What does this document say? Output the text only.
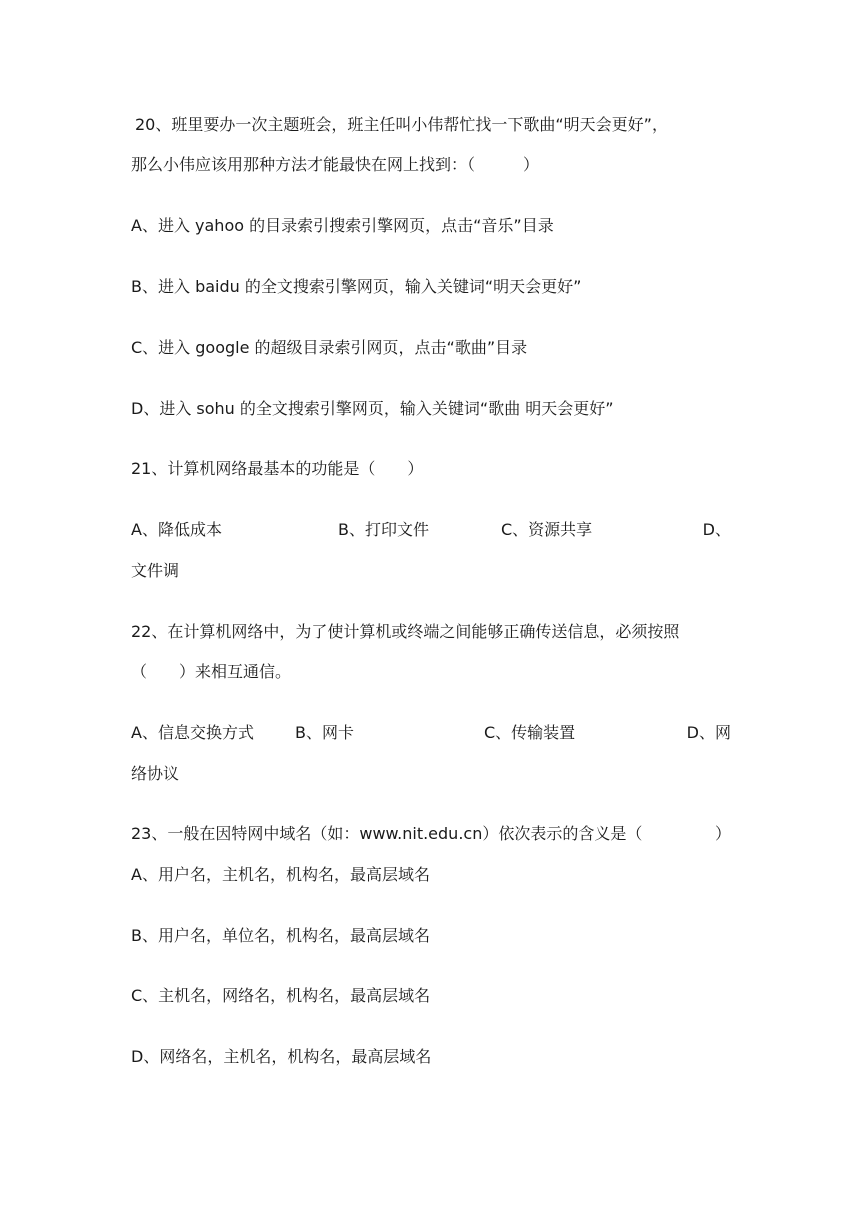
20、班里要办一次主题班会，班主任叫小伟帮忙找一下歌曲“明天会更好”，
那么小伟应该用那种方法才能最快在网上找到：（　　　）
A、进入 yahoo 的目录索引搜索引擎网页，点击“音乐”目录
B、进入 baidu 的全文搜索引擎网页，输入关键词“明天会更好”
C、进入 google 的超级目录索引网页，点击“歌曲”目录
D、进入 sohu 的全文搜索引擎网页，输入关键词“歌曲 明天会更好”
21、计算机网络最基本的功能是（　　）
A、降低成本	B、打印文件	C、资源共享	D、
文件调
22、在计算机网络中，为了使计算机或终端之间能够正确传送信息，必须按照
（　　）来相互通信。
A、信息交换方式	B、网卡	C、传输装置	D、网
络协议
23、一般在因特网中域名（如：www.nit.edu.cn）依次表示的含义是（	）
A、用户名，主机名，机构名，最高层域名
B、用户名，单位名，机构名，最高层域名
C、主机名，网络名，机构名，最高层域名
D、网络名，主机名，机构名，最高层域名
